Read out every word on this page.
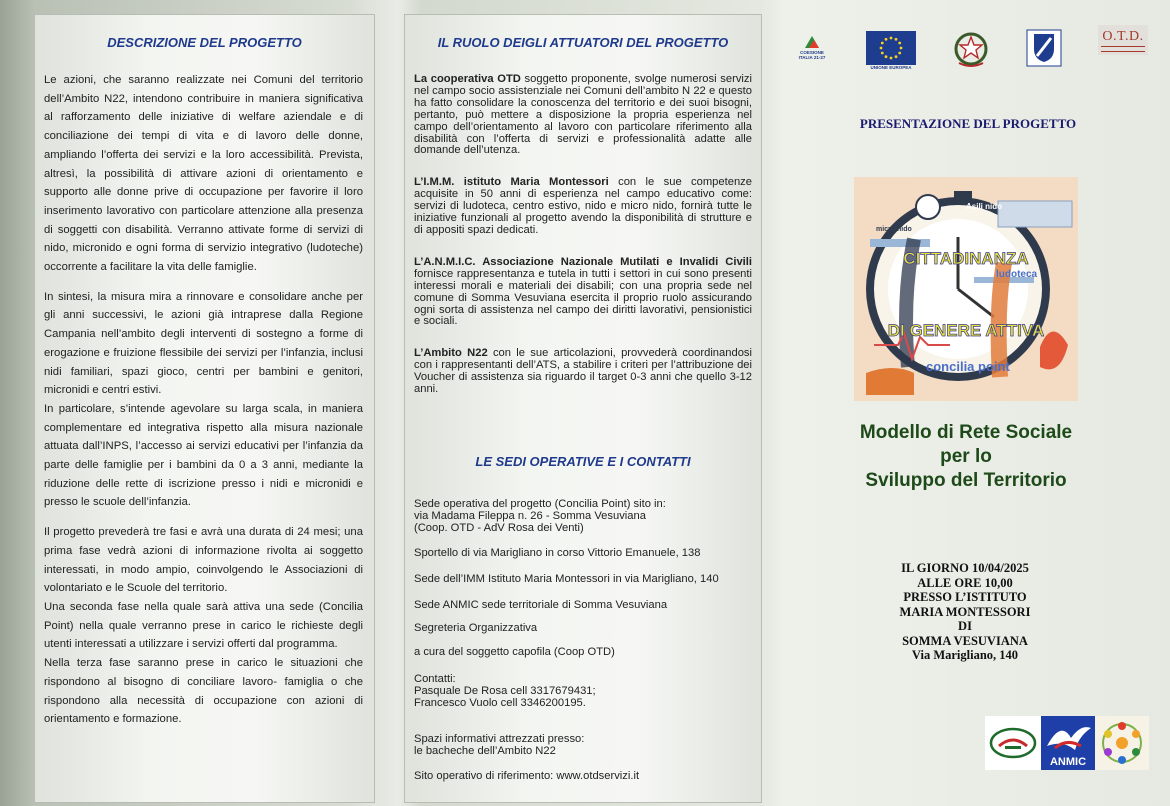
DESCRIZIONE DEL PROGETTO

Le azioni, che saranno realizzate nei Comuni del territorio dell’Ambito N22, intendono contribuire in maniera significativa al rafforzamento delle iniziative di welfare aziendale e di conciliazione dei tempi di vita e di lavoro delle donne, ampliando l’offerta dei servizi e la loro accessibilità. Prevista, altresì, la possibilità di attivare azioni di orientamento e supporto alle donne prive di occupazione per favorire il loro inserimento lavorativo con particolare attenzione alla presenza di soggetti con disabilità. Verranno attivate forme di servizi di nido, micronido e ogni forma di servizio integrativo (ludoteche) occorrente a facilitare la vita delle famiglie.

In sintesi, la misura mira a rinnovare e consolidare anche per gli anni successivi, le azioni già intraprese dalla Regione Campania nell’ambito degli interventi di sostegno a forme di erogazione e fruizione flessibile dei servizi per l’infanzia, inclusi nidi familiari, spazi gioco, centri per bambini e genitori, micronidi e centri estivi.

In particolare, s’intende agevolare su larga scala, in maniera complementare ed integrativa rispetto alla misura nazionale attuata dall’INPS, l’accesso ai servizi educativi per l’infanzia da parte delle famiglie per i bambini da 0 a 3 anni, mediante la riduzione delle rette di iscrizione presso i nidi e micronidi e presso le scuole dell’infanzia.

Il progetto prevederà tre fasi e avrà una durata di 24 mesi; una prima fase vedrà azioni di informazione rivolta ai soggetto interessati, in modo ampio, coinvolgendo le Associazioni di volontariato e le Scuole del territorio.

Una seconda fase nella quale sarà attiva una sede (Concilia Point) nella quale verranno prese in carico le richieste degli utenti interessati a utilizzare i servizi offerti dal programma.

Nella terza fase saranno prese in carico le situazioni che rispondono al bisogno di conciliare lavoro- famiglia o che rispondono alla necessità di occupazione con azioni di orientamento e formazione.

IL RUOLO DEIGLI ATTUATORI DEL PROGETTO

La cooperativa OTD soggetto proponente, svolge numerosi servizi nel campo socio assistenziale nei Comuni dell’ambito N 22 e questo ha fatto consolidare la conoscenza del territorio e dei suoi bisogni, pertanto, può mettere a disposizione la propria esperienza nel campo dell’orientamento al lavoro con particolare riferimento alla disabilità con l’offerta di servizi e professionalità adatte alle domande dell’utenza.

L’I.M.M. istituto Maria Montessori con le sue competenze acquisite in 50 anni di esperienza nel campo educativo come: servizi di ludoteca, centro estivo, nido e micro nido, fornirà tutte le iniziative funzionali al progetto avendo la disponibilità di strutture e di appositi spazi dedicati.

L’A.N.M.I.C. Associazione Nazionale Mutilati e Invalidi Civili fornisce rappresentanza e tutela in tutti i settori in cui sono presenti interessi morali e materiali dei disabili; con una propria sede nel comune di Somma Vesuviana esercita il proprio ruolo assicurando ogni sorta di assistenza nel campo dei diritti lavorativi, pensionistici e sociali.

L’Ambito N22 con le sue articolazioni, provvederà coordinandosi con i rappresentanti dell’ATS, a stabilire i criteri per l’attribuzione dei Voucher di assistenza sia riguardo il target 0-3 anni che quello 3-12 anni.

LE SEDI OPERATIVE E I CONTATTI
Sede operativa del progetto (Concilia Point) sito in:
via Madama Fileppa n. 26 - Somma Vesuviana
(Coop. OTD - AdV Rosa dei Venti)
Sportello di via Marigliano in corso Vittorio Emanuele, 138
Sede dell’IMM Istituto Maria Montessori in via Marigliano, 140
Sede ANMIC sede territoriale di Somma Vesuviana
Segreteria Organizzativa
a cura del soggetto capofila (Coop OTD)
Contatti:
Pasquale De Rosa cell 3317679431;
Francesco Vuolo cell 3346200195.
Spazi informativi attrezzati presso:
le bacheche dell’Ambito N22
Sito operativo di riferimento: www.otdservizi.it
COESIONE ITALIA 21-27
UNIONE EUROPEA
O.T.D.
PRESENTAZIONE DEL PROGETTO
Asili nido
micro nido
CITTADINANZA
ludoteca
DI GENERE ATTIVA
concilia point
Modello di Rete Sociale
per lo
Sviluppo del Territorio
IL GIORNO 10/04/2025
ALLE ORE 10,00
PRESSO L’ISTITUTO
MARIA MONTESSORI
DI
SOMMA VESUVIANA
Via Marigliano, 140
ANMIC
